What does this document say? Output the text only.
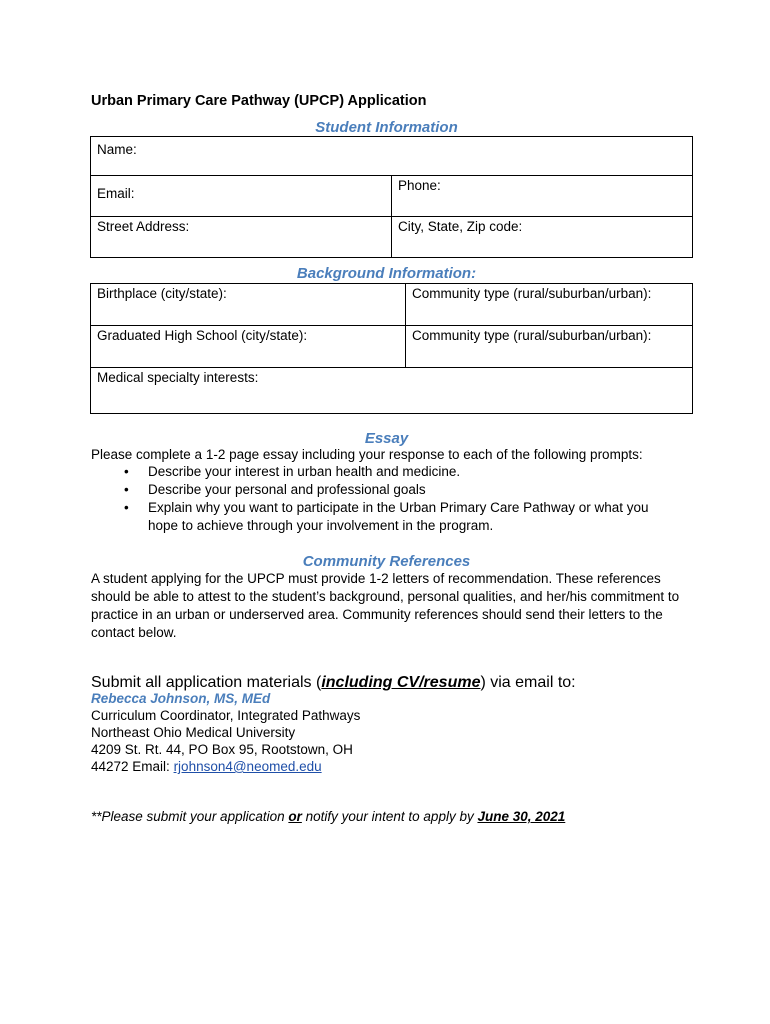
Urban Primary Care Pathway (UPCP) Application
Student Information
Name:	
Email:	Phone:
Street Address:	City, State, Zip code:
Background Information:
Birthplace (city/state):	Community type (rural/suburban/urban):
Graduated High School (city/state):	Community type (rural/suburban/urban):
Medical specialty interests:	
Essay
Please complete a 1-2 page essay including your response to each of the following prompts:
• Describe your interest in urban health and medicine.
• Describe your personal and professional goals
• Explain why you want to participate in the Urban Primary Care Pathway or what you hope to achieve through your involvement in the program.
Community References
A student applying for the UPCP must provide 1-2 letters of recommendation. These references should be able to attest to the student’s background, personal qualities, and her/his commitment to practice in an urban or underserved area. Community references should send their letters to the contact below.
Submit all application materials (including CV/resume) via email to:
Rebecca Johnson, MS, MEd
Curriculum Coordinator, Integrated Pathways
Northeast Ohio Medical University
4209 St. Rt. 44, PO Box 95, Rootstown, OH
44272 Email: rjohnson4@neomed.edu
**Please submit your application or notify your intent to apply by June 30, 2021
